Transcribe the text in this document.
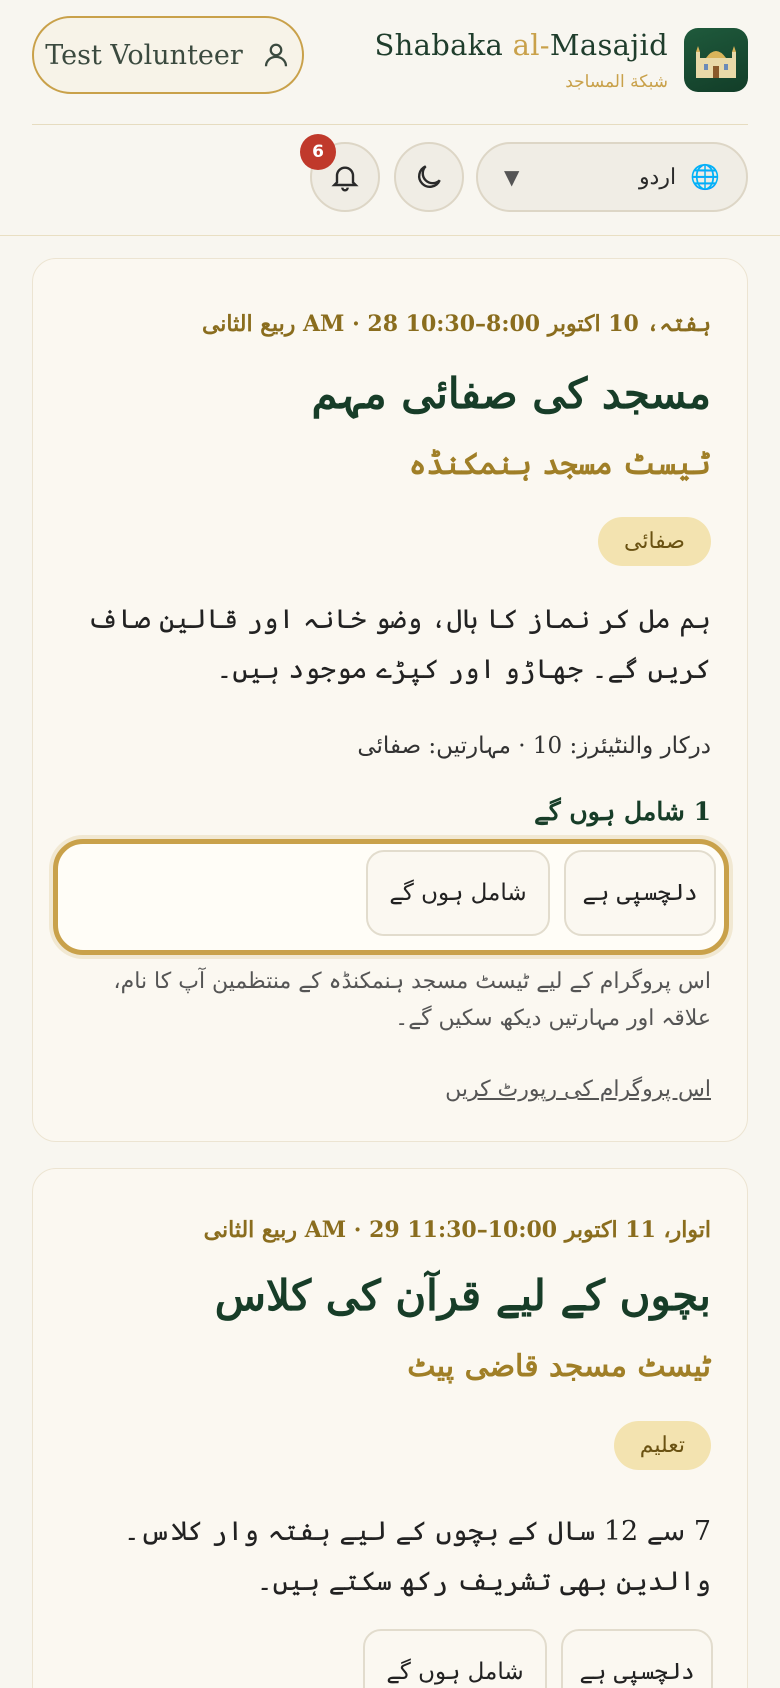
Test Volunteer	Shabaka al-Masajid
شبكة المساجد
🌐
اردو
▼
6
ہفتہ، 10 اکتوبر 8:00–10:30 AM · 28 ربیع الثانی
مسجد کی صفائی مہم
ٹیسٹ مسجد ہنمکنڈہ
صفائی
ہم مل کر نماز کا ہال، وضو خانہ اور قالین صاف کریں گے۔ جھاڑو اور کپڑے موجود ہیں۔
درکار والنٹیئرز: 10 · مہارتیں: صفائی
1 شامل ہوں گے
دلچسپی ہے
شامل ہوں گے
اس پروگرام کے لیے ٹیسٹ مسجد ہنمکنڈہ کے منتظمین آپ کا نام، علاقہ اور مہارتیں دیکھ سکیں گے۔
اس پروگرام کی رپورٹ کریں
اتوار، 11 اکتوبر 10:00–11:30 AM · 29 ربیع الثانی
بچوں کے لیے قرآن کی کلاس
ٹیسٹ مسجد قاضی پیٹ
تعلیم
7 سے 12 سال کے بچوں کے لیے ہفتہ وار کلاس۔ والدین بھی تشریف رکھ سکتے ہیں۔
دلچسپی ہے
شامل ہوں گے
